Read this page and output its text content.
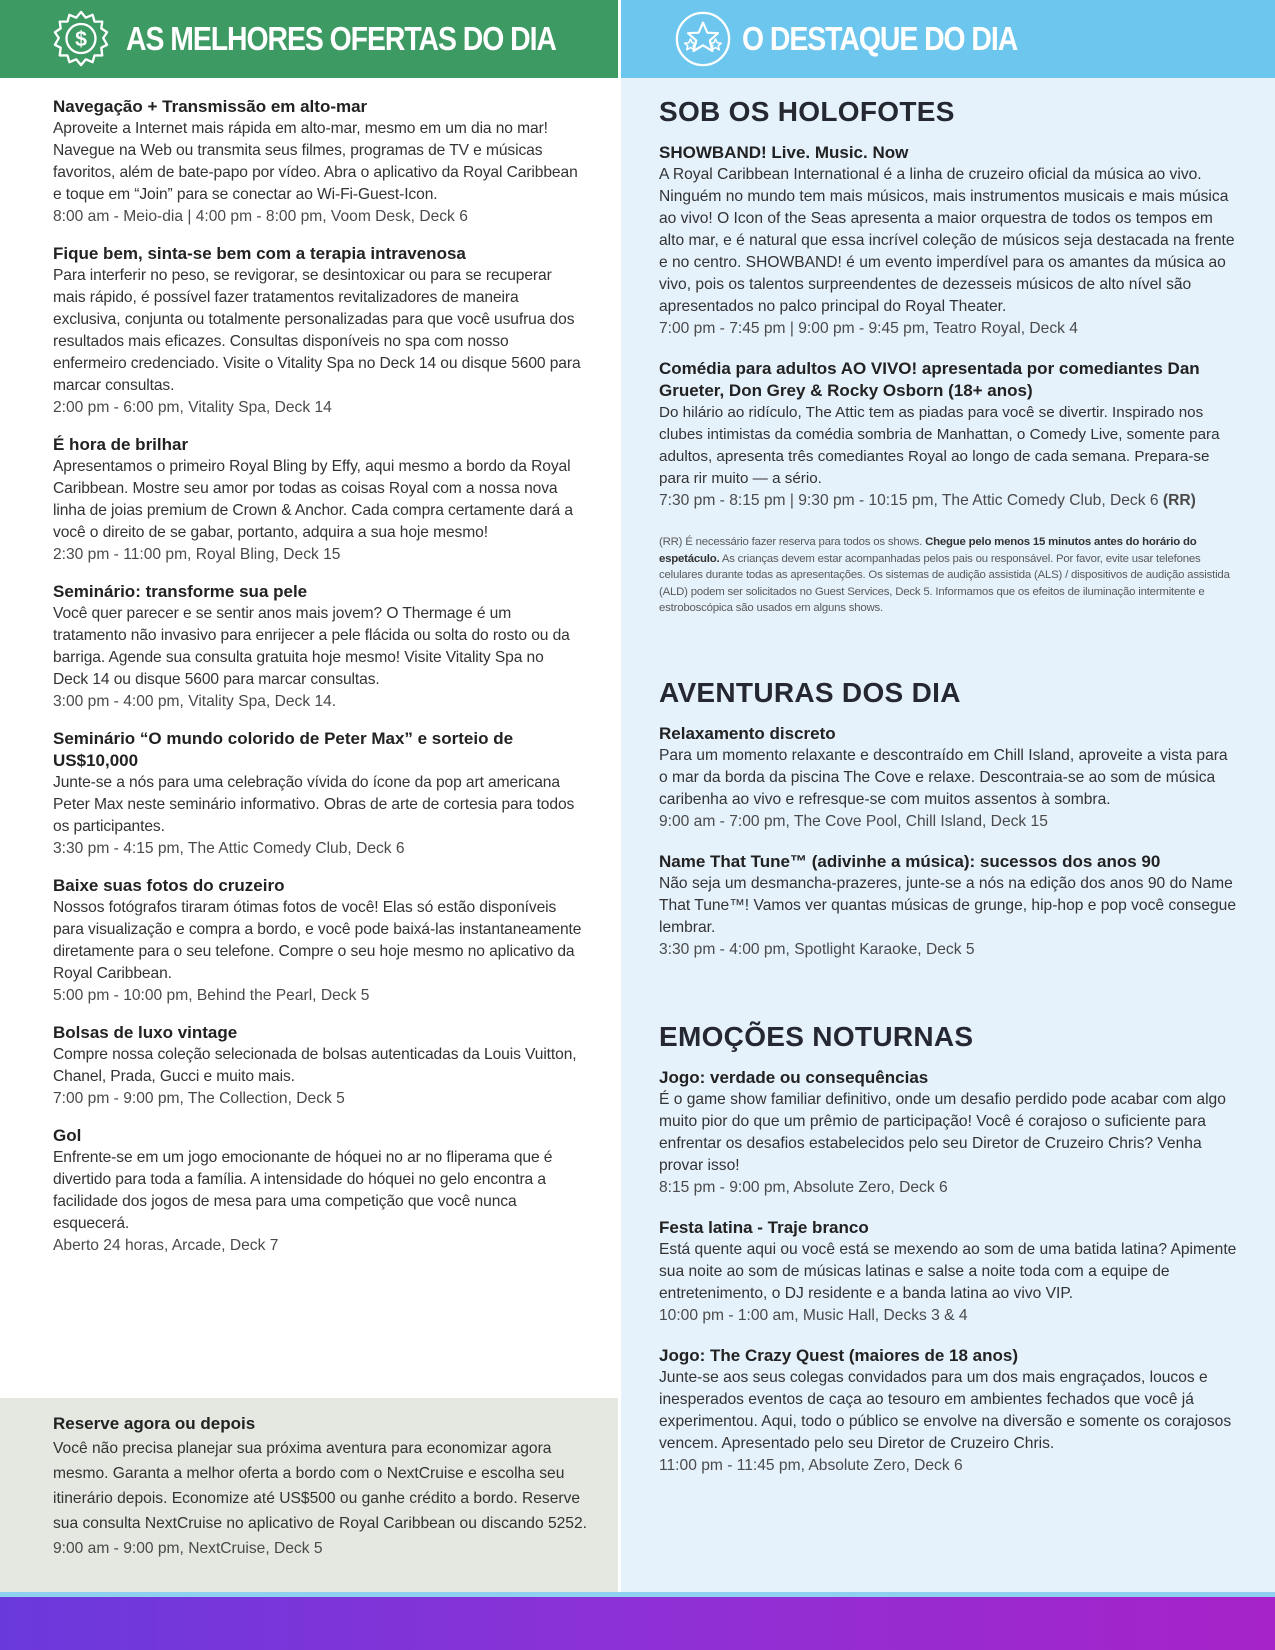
$ AS MELHORES OFERTAS DO DIA	O DESTAQUE DO DIA
Navegação + Transmissão em alto-mar
Aproveite a Internet mais rápida em alto-mar, mesmo em um dia no mar! Navegue na Web ou transmita seus filmes, programas de TV e músicas favoritos, além de bate-papo por vídeo. Abra o aplicativo da Royal Caribbean e toque em “Join” para se conectar ao Wi-Fi-Guest-Icon.
8:00 am - Meio-dia | 4:00 pm - 8:00 pm, Voom Desk, Deck 6
Fique bem, sinta-se bem com a terapia intravenosa
Para interferir no peso, se revigorar, se desintoxicar ou para se recuperar mais rápido, é possível fazer tratamentos revitalizadores de maneira exclusiva, conjunta ou totalmente personalizadas para que você usufrua dos resultados mais eficazes. Consultas disponíveis no spa com nosso enfermeiro credenciado. Visite o Vitality Spa no Deck 14 ou disque 5600 para marcar consultas.
2:00 pm - 6:00 pm, Vitality Spa, Deck 14
É hora de brilhar
Apresentamos o primeiro Royal Bling by Effy, aqui mesmo a bordo da Royal Caribbean. Mostre seu amor por todas as coisas Royal com a nossa nova linha de joias premium de Crown & Anchor. Cada compra certamente dará a você o direito de se gabar, portanto, adquira a sua hoje mesmo!
2:30 pm - 11:00 pm, Royal Bling, Deck 15
Seminário: transforme sua pele
Você quer parecer e se sentir anos mais jovem? O Thermage é um tratamento não invasivo para enrijecer a pele flácida ou solta do rosto ou da barriga. Agende sua consulta gratuita hoje mesmo! Visite Vitality Spa no Deck 14 ou disque 5600 para marcar consultas.
3:00 pm - 4:00 pm, Vitality Spa, Deck 14.
Seminário “O mundo colorido de Peter Max” e sorteio de US$10,000
Junte-se a nós para uma celebração vívida do ícone da pop art americana Peter Max neste seminário informativo. Obras de arte de cortesia para todos os participantes.
3:30 pm - 4:15 pm, The Attic Comedy Club, Deck 6
Baixe suas fotos do cruzeiro
Nossos fotógrafos tiraram ótimas fotos de você! Elas só estão disponíveis para visualização e compra a bordo, e você pode baixá-las instantaneamente diretamente para o seu telefone. Compre o seu hoje mesmo no aplicativo da Royal Caribbean.
5:00 pm - 10:00 pm, Behind the Pearl, Deck 5
Bolsas de luxo vintage
Compre nossa coleção selecionada de bolsas autenticadas da Louis Vuitton, Chanel, Prada, Gucci e muito mais.
7:00 pm - 9:00 pm, The Collection, Deck 5
Gol
Enfrente-se em um jogo emocionante de hóquei no ar no fliperama que é divertido para toda a família. A intensidade do hóquei no gelo encontra a facilidade dos jogos de mesa para uma competição que você nunca esquecerá.
Aberto 24 horas, Arcade, Deck 7
Reserve agora ou depois
Você não precisa planejar sua próxima aventura para economizar agora mesmo. Garanta a melhor oferta a bordo com o NextCruise e escolha seu itinerário depois. Economize até US$500 ou ganhe crédito a bordo. Reserve sua consulta NextCruise no aplicativo de Royal Caribbean ou discando 5252.
9:00 am - 9:00 pm, NextCruise, Deck 5
SOB OS HOLOFOTES
SHOWBAND! Live. Music. Now
A Royal Caribbean International é a linha de cruzeiro oficial da música ao vivo. Ninguém no mundo tem mais músicos, mais instrumentos musicais e mais música ao vivo! O Icon of the Seas apresenta a maior orquestra de todos os tempos em alto mar, e é natural que essa incrível coleção de músicos seja destacada na frente e no centro. SHOWBAND! é um evento imperdível para os amantes da música ao vivo, pois os talentos surpreendentes de dezesseis músicos de alto nível são apresentados no palco principal do Royal Theater.
7:00 pm - 7:45 pm | 9:00 pm - 9:45 pm, Teatro Royal, Deck 4
Comédia para adultos AO VIVO! apresentada por comediantes Dan Grueter, Don Grey & Rocky Osborn (18+ anos)
Do hilário ao ridículo, The Attic tem as piadas para você se divertir. Inspirado nos clubes intimistas da comédia sombria de Manhattan, o Comedy Live, somente para adultos, apresenta três comediantes Royal ao longo de cada semana. Prepara-se para rir muito — a sério.
7:30 pm - 8:15 pm | 9:30 pm - 10:15 pm, The Attic Comedy Club, Deck 6 (RR)
(RR) É necessário fazer reserva para todos os shows. Chegue pelo menos 15 minutos antes do horário do espetáculo. As crianças devem estar acompanhadas pelos pais ou responsável. Por favor, evite usar telefones celulares durante todas as apresentações. Os sistemas de audição assistida (ALS) / dispositivos de audição assistida (ALD) podem ser solicitados no Guest Services, Deck 5. Informamos que os efeitos de iluminação intermitente e estroboscópica são usados em alguns shows.
AVENTURAS DOS DIA
Relaxamento discreto
Para um momento relaxante e descontraído em Chill Island, aproveite a vista para o mar da borda da piscina The Cove e relaxe. Descontraia-se ao som de música caribenha ao vivo e refresque-se com muitos assentos à sombra.
9:00 am - 7:00 pm, The Cove Pool, Chill Island, Deck 15
Name That Tune™ (adivinhe a música): sucessos dos anos 90
Não seja um desmancha-prazeres, junte-se a nós na edição dos anos 90 do Name That Tune™! Vamos ver quantas músicas de grunge, hip-hop e pop você consegue lembrar.
3:30 pm - 4:00 pm, Spotlight Karaoke, Deck 5
EMOÇÕES NOTURNAS
Jogo: verdade ou consequências
É o game show familiar definitivo, onde um desafio perdido pode acabar com algo muito pior do que um prêmio de participação! Você é corajoso o suficiente para enfrentar os desafios estabelecidos pelo seu Diretor de Cruzeiro Chris? Venha provar isso!
8:15 pm - 9:00 pm, Absolute Zero, Deck 6
Festa latina - Traje branco
Está quente aqui ou você está se mexendo ao som de uma batida latina? Apimente sua noite ao som de músicas latinas e salse a noite toda com a equipe de entretenimento, o DJ residente e a banda latina ao vivo VIP.
10:00 pm - 1:00 am, Music Hall, Decks 3 & 4
Jogo: The Crazy Quest (maiores de 18 anos)
Junte-se aos seus colegas convidados para um dos mais engraçados, loucos e inesperados eventos de caça ao tesouro em ambientes fechados que você já experimentou. Aqui, todo o público se envolve na diversão e somente os corajosos vencem. Apresentado pelo seu Diretor de Cruzeiro Chris.
11:00 pm - 11:45 pm, Absolute Zero, Deck 6
